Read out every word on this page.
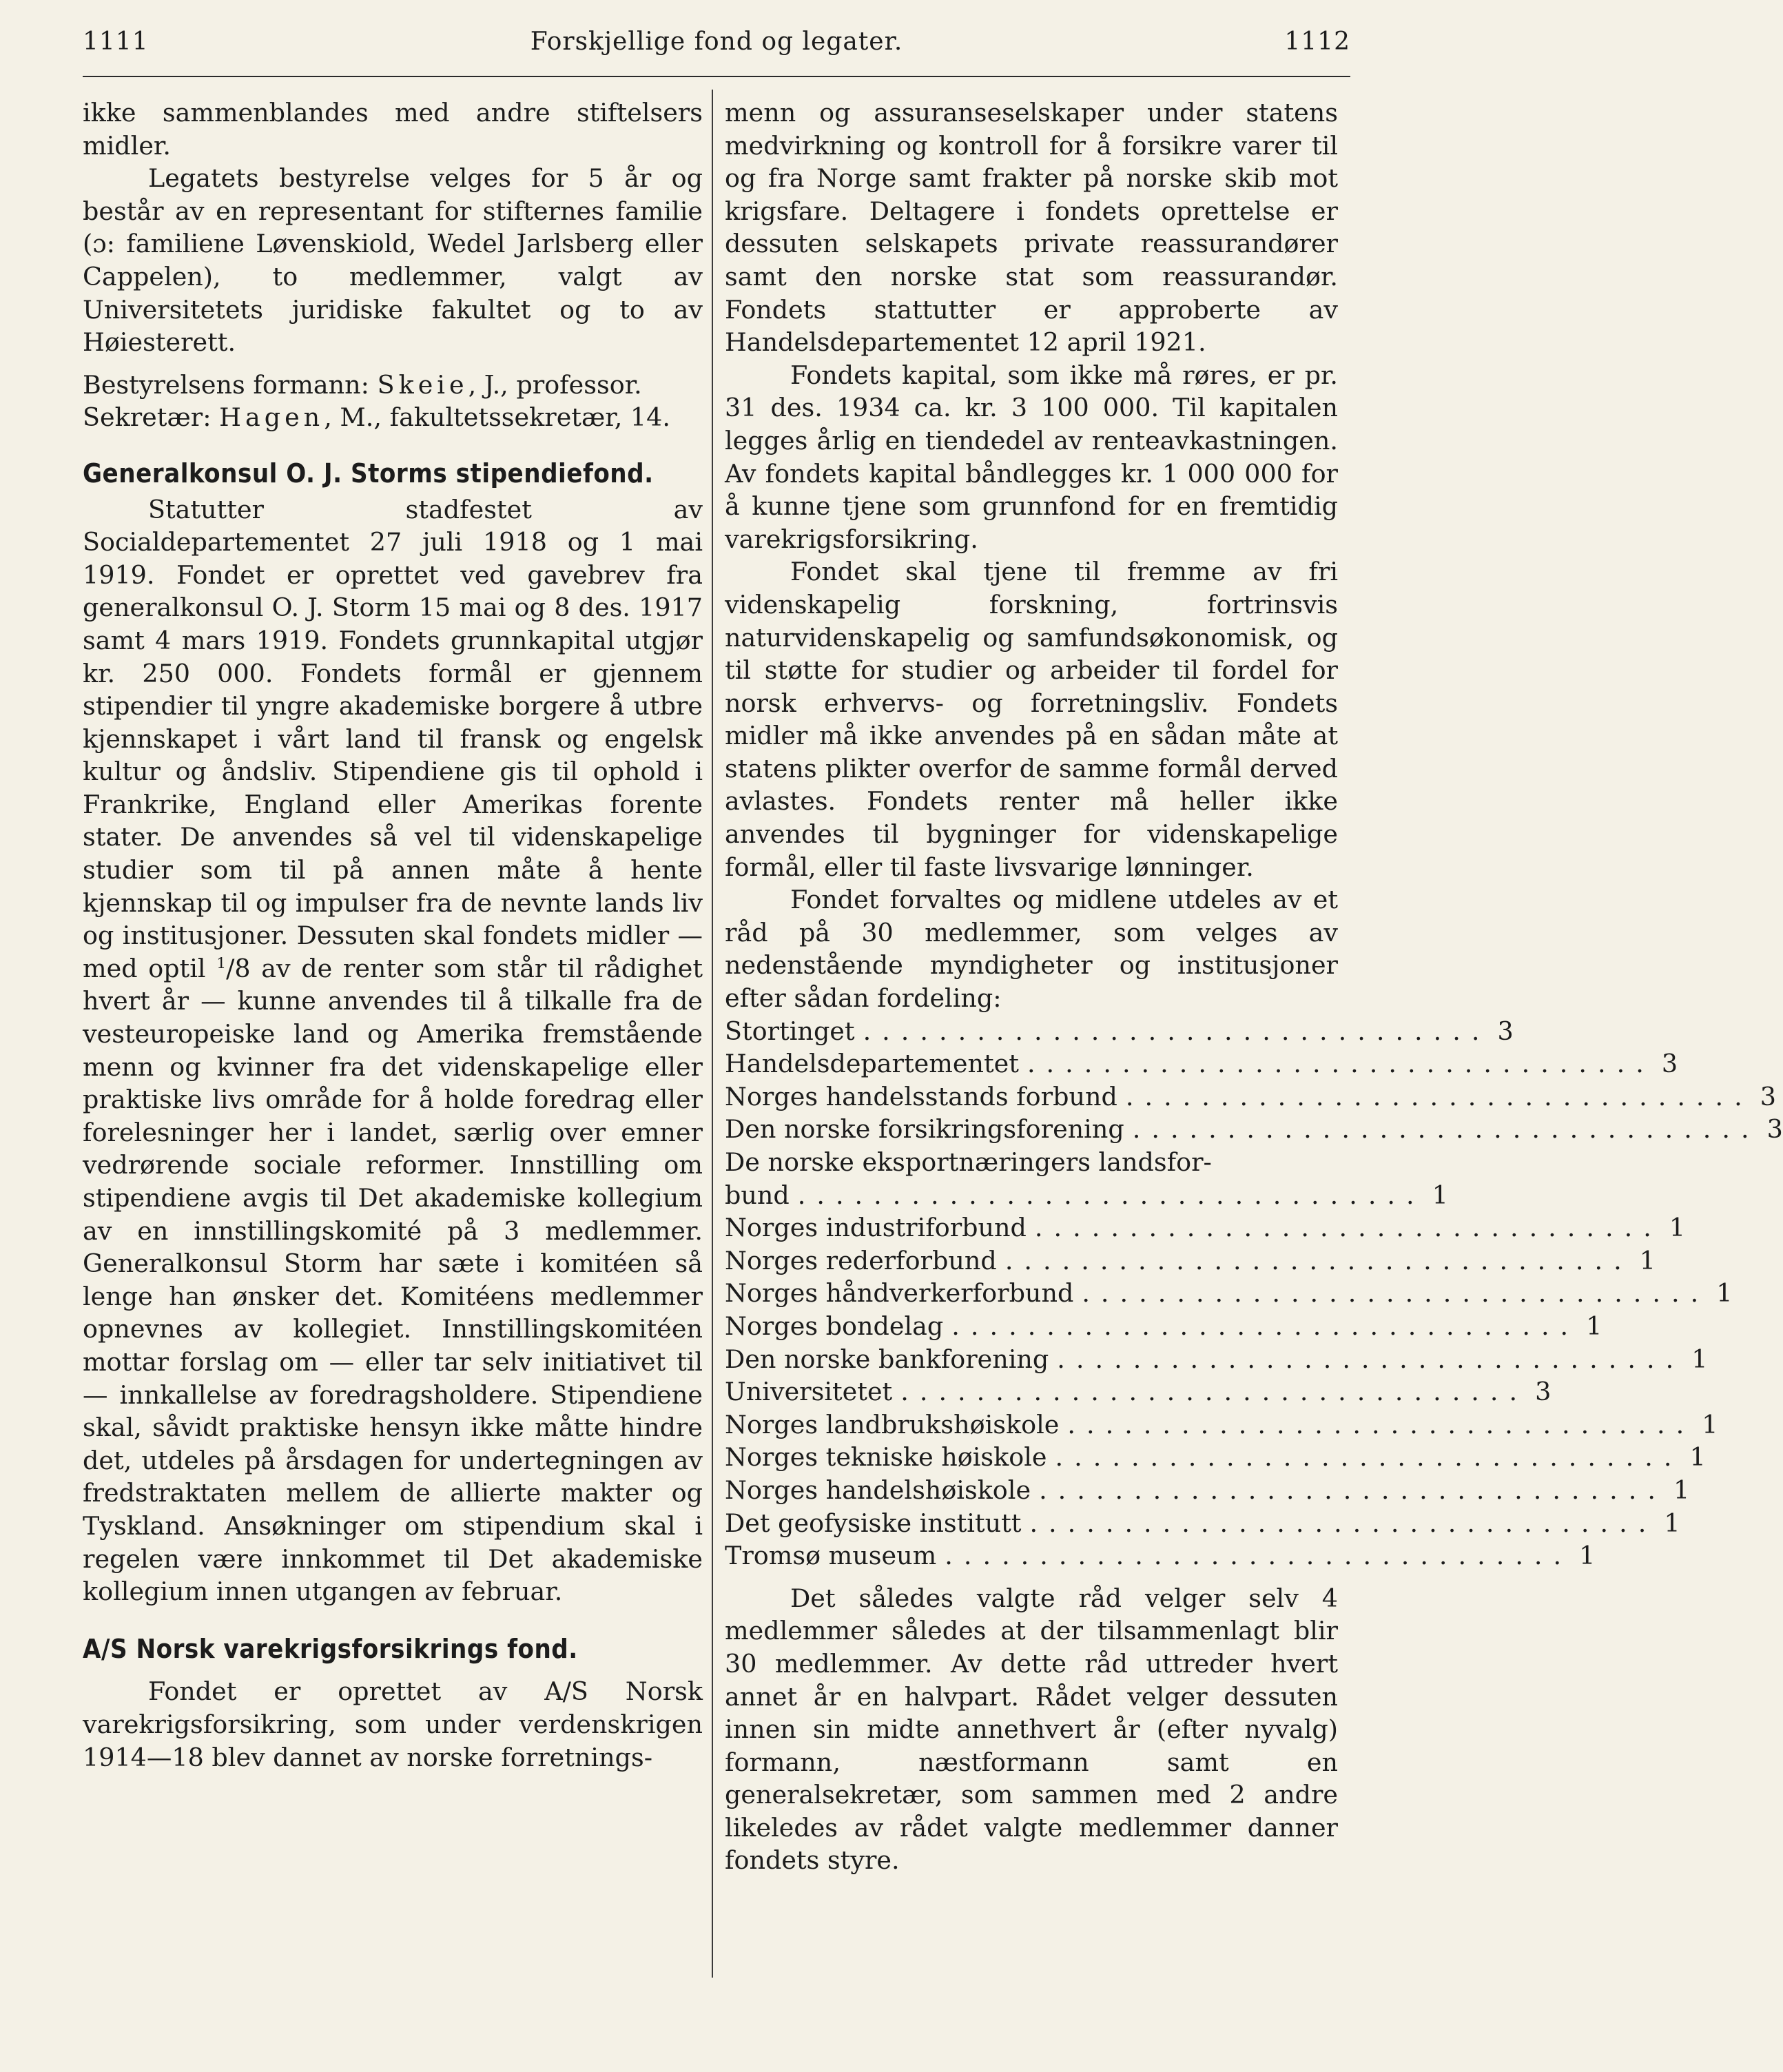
1111	Forskjellige fond og legater.	1112

ikke sammenblandes med andre stiftelsers midler.

Legatets bestyrelse velges for 5 år og består av en representant for stifternes familie (ɔ: familiene Løvenskiold, Wedel Jarlsberg eller Cappelen), to medlemmer, valgt av Universitetets juridiske fakultet og to av Høiesterett.

Bestyrelsens formann: Skeie, J., professor.

Sekretær: Hagen, M., fakultetssekretær, 14.

Generalkonsul O. J. Storms stipendiefond.

Statutter stadfestet av Socialdepartementet 27 juli 1918 og 1 mai 1919. Fondet er oprettet ved gavebrev fra generalkonsul O. J. Storm 15 mai og 8 des. 1917 samt 4 mars 1919. Fondets grunnkapital utgjør kr. 250 000. Fondets formål er gjennem stipendier til yngre akademiske borgere å utbre kjennskapet i vårt land til fransk og engelsk kultur og åndsliv. Stipendiene gis til ophold i Frankrike, England eller Amerikas forente stater. De anvendes så vel til videnskapelige studier som til på annen måte å hente kjennskap til og impulser fra de nevnte lands liv og institusjoner. Dessuten skal fondets midler — med optil $^1$/8 av de renter som står til rådighet hvert år — kunne anvendes til å tilkalle fra de vesteuropeiske land og Amerika fremstående menn og kvinner fra det videnskapelige eller praktiske livs område for å holde foredrag eller forelesninger her i landet, særlig over emner vedrørende sociale reformer. Innstilling om stipendiene avgis til Det akademiske kollegium av en innstillingskomité på 3 medlemmer. Generalkonsul Storm har sæte i komitéen så lenge han ønsker det. Komitéens medlemmer opnevnes av kollegiet. Innstillingskomitéen mottar forslag om — eller tar selv initiativet til — innkallelse av foredragsholdere. Stipendiene skal, såvidt praktiske hensyn ikke måtte hindre det, utdeles på årsdagen for undertegningen av fredstraktaten mellem de allierte makter og Tyskland. Ansøkninger om stipendium skal i regelen være innkommet til Det akademiske kollegium innen utgangen av februar.

A/S Norsk varekrigsforsikrings fond.

Fondet er oprettet av A/S Norsk varekrigsforsikring, som under verdenskrigen 1914—18 blev dannet av norske forretnings-

menn og assuranseselskaper under statens medvirkning og kontroll for å forsikre varer til og fra Norge samt frakter på norske skib mot krigsfare. Deltagere i fondets oprettelse er dessuten selskapets private reassurandører samt den norske stat som reassurandør. Fondets stattutter er approberte av Handelsdepartementet 12 april 1921.

Fondets kapital, som ikke må røres, er pr. 31 des. 1934 ca. kr. 3 100 000. Til kapitalen legges årlig en tiendedel av renteavkastningen. Av fondets kapital båndlegges kr. 1 000 000 for å kunne tjene som grunnfond for en fremtidig varekrigsforsikring.

Fondet skal tjene til fremme av fri videnskapelig forskning, fortrinsvis naturvidenskapelig og samfundsøkonomisk, og til støtte for studier og arbeider til fordel for norsk erhvervs- og forretningsliv. Fondets midler må ikke anvendes på en sådan måte at statens plikter overfor de samme formål derved avlastes. Fondets renter må heller ikke anvendes til bygninger for videnskapelige formål, eller til faste livsvarige lønninger.

Fondet forvaltes og midlene utdeles av et råd på 30 medlemmer, som velges av nedenstående myndigheter og institusjoner efter sådan fordeling:

Stortinget ................................. 3
Handelsdepartementet ................................. 3
Norges handelsstands forbund ................................. 3
Den norske forsikringsforening ................................. 3
De norske eksportnæringers landsfor-
bund ................................. 1
Norges industriforbund ................................. 1
Norges rederforbund ................................. 1
Norges håndverkerforbund ................................. 1
Norges bondelag ................................. 1
Den norske bankforening ................................. 1
Universitetet ................................. 3
Norges landbrukshøiskole ................................. 1
Norges tekniske høiskole ................................. 1
Norges handelshøiskole ................................. 1
Det geofysiske institutt ................................. 1
Tromsø museum ................................. 1

Det således valgte råd velger selv 4 medlemmer således at der tilsammenlagt blir 30 medlemmer. Av dette råd uttreder hvert annet år en halvpart. Rådet velger dessuten innen sin midte annethvert år (efter nyvalg) formann, næstformann samt en generalsekretær, som sammen med 2 andre likeledes av rådet valgte medlemmer danner fondets styre.
